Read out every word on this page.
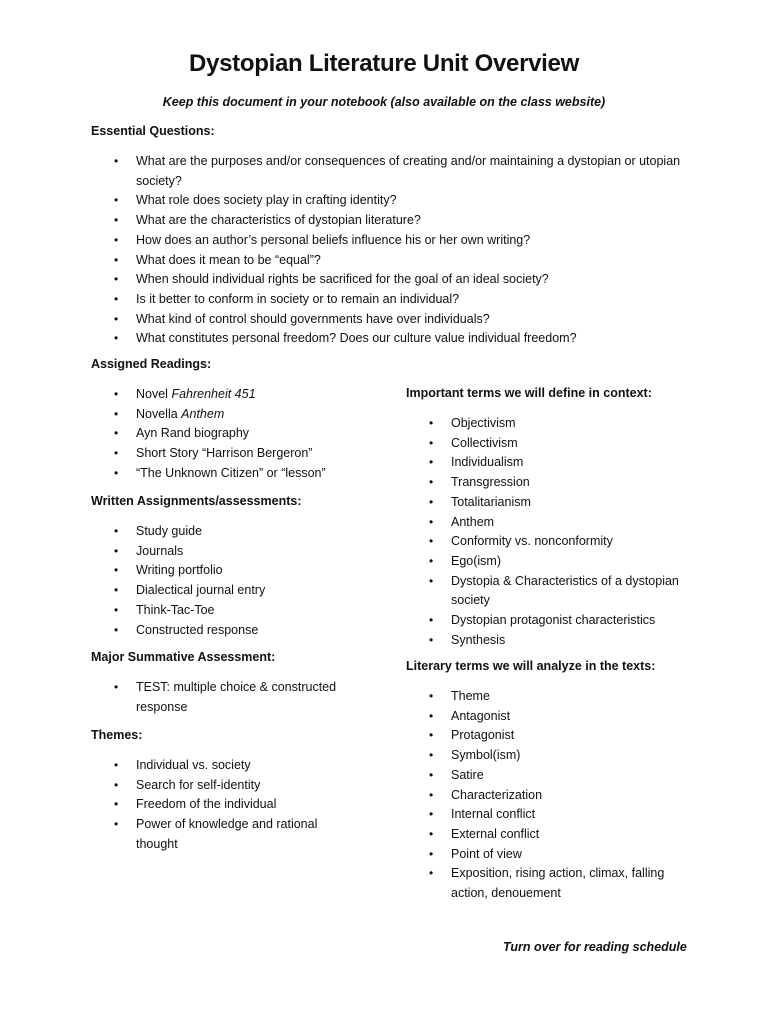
Dystopian Literature Unit Overview
Keep this document in your notebook (also available on the class website)
Essential Questions:
• What are the purposes and/or consequences of creating and/or maintaining a dystopian or utopian society?
• What role does society play in crafting identity?
• What are the characteristics of dystopian literature?
• How does an author’s personal beliefs influence his or her own writing?
• What does it mean to be “equal”?
• When should individual rights be sacrificed for the goal of an ideal society?
• Is it better to conform in society or to remain an individual?
• What kind of control should governments have over individuals?
• What constitutes personal freedom? Does our culture value individual freedom?
Assigned Readings:
• Novel Fahrenheit 451
• Novella Anthem
• Ayn Rand biography
• Short Story “Harrison Bergeron”
• “The Unknown Citizen” or “lesson”
Written Assignments/assessments:
• Study guide
• Journals
• Writing portfolio
• Dialectical journal entry
• Think-Tac-Toe
• Constructed response
Major Summative Assessment:
• TEST: multiple choice & constructed response
Themes:
• Individual vs. society
• Search for self-identity
• Freedom of the individual
• Power of knowledge and rational thought
Important terms we will define in context:
• Objectivism
• Collectivism
• Individualism
• Transgression
• Totalitarianism
• Anthem
• Conformity vs. nonconformity
• Ego(ism)
• Dystopia & Characteristics of a dystopian society
• Dystopian protagonist characteristics
• Synthesis
Literary terms we will analyze in the texts:
• Theme
• Antagonist
• Protagonist
• Symbol(ism)
• Satire
• Characterization
• Internal conflict
• External conflict
• Point of view
• Exposition, rising action, climax, falling action, denouement
Turn over for reading schedule
